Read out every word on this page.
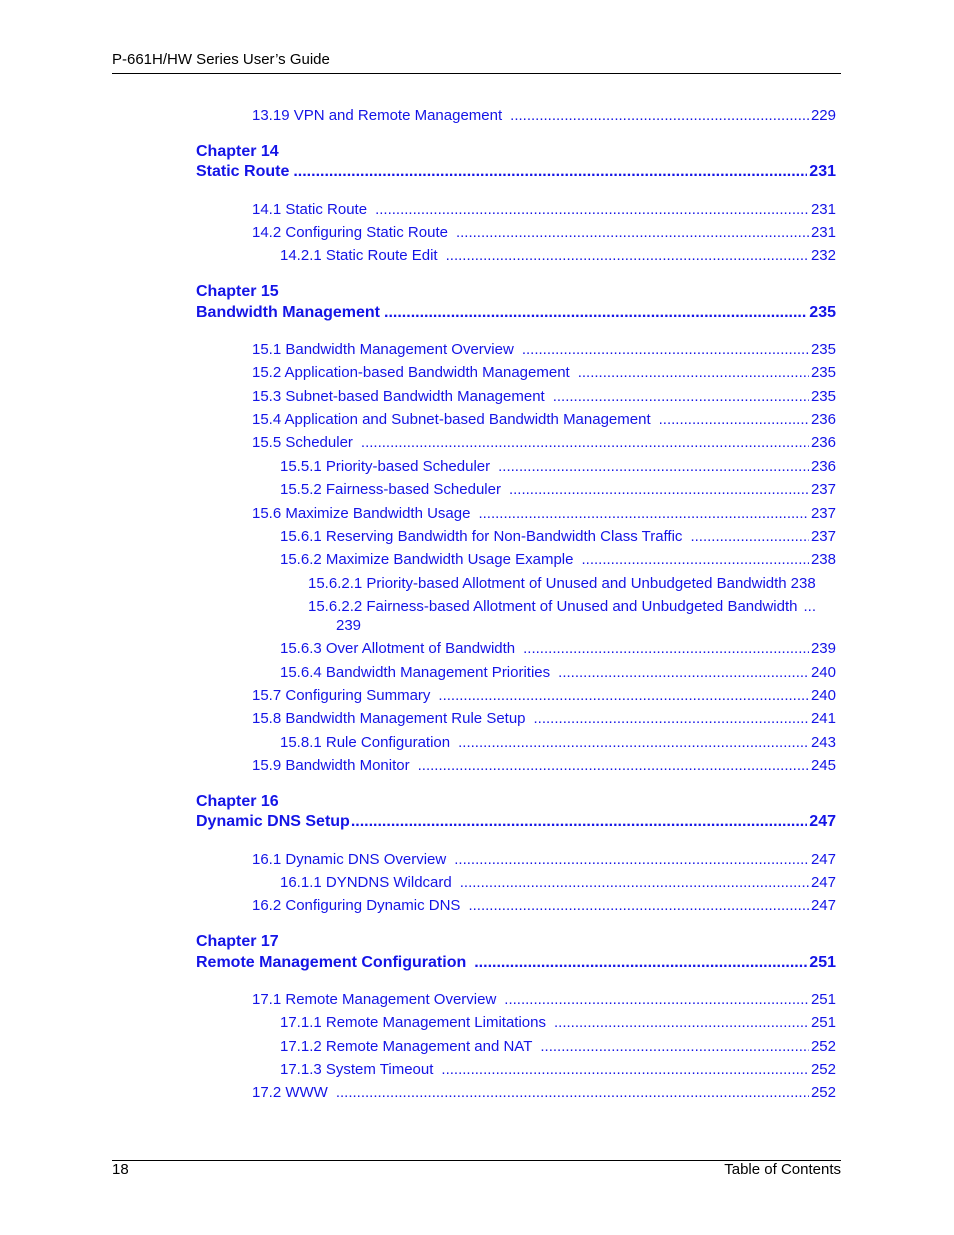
P-661H/HW Series User’s Guide
13.19 VPN and Remote Management .....	229
Chapter 14
Static Route .....	231
14.1 Static Route .....	231
14.2 Configuring Static Route .....	231
14.2.1 Static Route Edit .....	232
Chapter 15
Bandwidth Management .....	235
15.1 Bandwidth Management Overview .....	235
15.2 Application-based Bandwidth Management .....	235
15.3 Subnet-based Bandwidth Management .....	235
15.4 Application and Subnet-based Bandwidth Management .....	236
15.5 Scheduler .....	236
15.5.1 Priority-based Scheduler .....	236
15.5.2 Fairness-based Scheduler .....	237
15.6 Maximize Bandwidth Usage .....	237
15.6.1 Reserving Bandwidth for Non-Bandwidth Class Traffic .....	237
15.6.2 Maximize Bandwidth Usage Example .....	238
15.6.2.1 Priority-based Allotment of Unused and Unbudgeted Bandwidth 238
15.6.2.2 Fairness-based Allotment of Unused and Unbudgeted Bandwidth ...
239
15.6.3 Over Allotment of Bandwidth .....	239
15.6.4 Bandwidth Management Priorities .....	240
15.7 Configuring Summary .....	240
15.8 Bandwidth Management Rule Setup .....	241
15.8.1 Rule Configuration .....	243
15.9 Bandwidth Monitor .....	245
Chapter 16
Dynamic DNS Setup .....	247
16.1 Dynamic DNS Overview .....	247
16.1.1 DYNDNS Wildcard .....	247
16.2 Configuring Dynamic DNS .....	247
Chapter 17
Remote Management Configuration .....	251
17.1 Remote Management Overview .....	251
17.1.1 Remote Management Limitations .....	251
17.1.2 Remote Management and NAT .....	252
17.1.3 System Timeout .....	252
17.2 WWW .....	252
18	Table of Contents
